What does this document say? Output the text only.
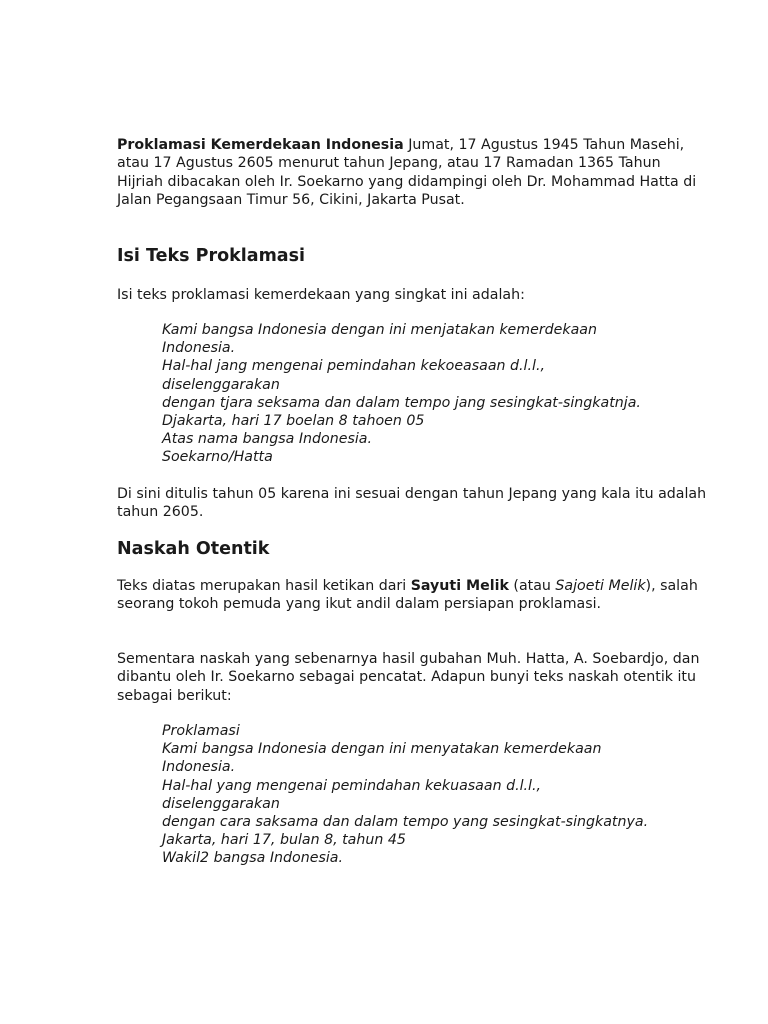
Proklamasi Kemerdekaan Indonesia Jumat, 17 Agustus 1945 Tahun Masehi, atau 17 Agustus 2605 menurut tahun Jepang, atau 17 Ramadan 1365 Tahun Hijriah dibacakan oleh Ir. Soekarno yang didampingi oleh Dr. Mohammad Hatta di Jalan Pegangsaan Timur 56, Cikini, Jakarta Pusat.

Isi Teks Proklamasi

Isi teks proklamasi kemerdekaan yang singkat ini adalah:

Kami bangsa Indonesia dengan ini menjatakan kemerdekaan
Indonesia.
Hal-hal jang mengenai pemindahan kekoeasaan d.l.l.,
diselenggarakan
dengan tjara seksama dan dalam tempo jang sesingkat-singkatnja.
Djakarta, hari 17 boelan 8 tahoen 05
Atas nama bangsa Indonesia.
Soekarno/Hatta

Di sini ditulis tahun 05 karena ini sesuai dengan tahun Jepang yang kala itu adalah tahun 2605.

Naskah Otentik

Teks diatas merupakan hasil ketikan dari Sayuti Melik (atau Sajoeti Melik), salah seorang tokoh pemuda yang ikut andil dalam persiapan proklamasi.

Sementara naskah yang sebenarnya hasil gubahan Muh. Hatta, A. Soebardjo, dan dibantu oleh Ir. Soekarno sebagai pencatat. Adapun bunyi teks naskah otentik itu sebagai berikut:

Proklamasi
Kami bangsa Indonesia dengan ini menyatakan kemerdekaan
Indonesia.
Hal-hal yang mengenai pemindahan kekuasaan d.l.l.,
diselenggarakan
dengan cara saksama dan dalam tempo yang sesingkat-singkatnya.
Jakarta, hari 17, bulan 8, tahun 45
Wakil2 bangsa Indonesia.
